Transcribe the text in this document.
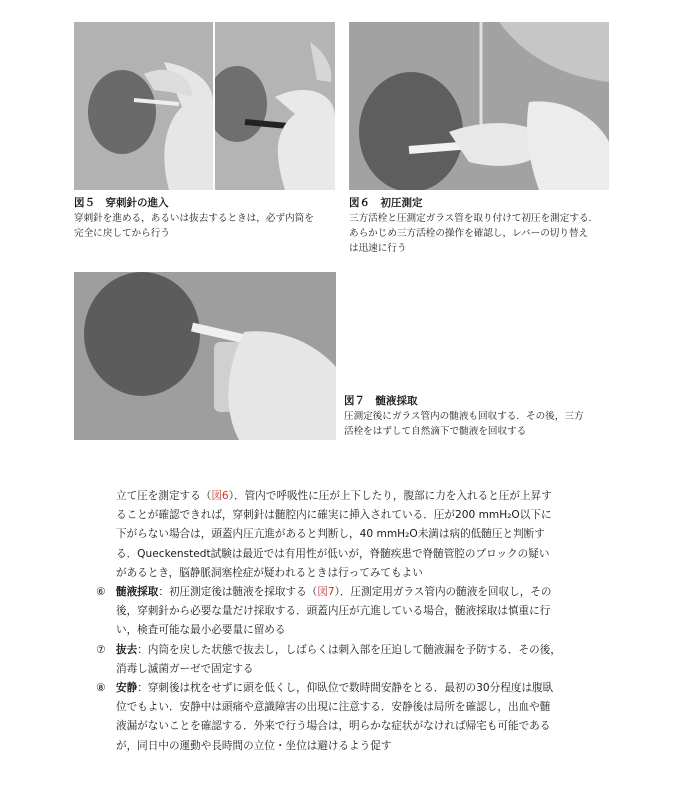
図５　穿刺針の進入
穿刺針を進める，あるいは抜去するときは，必ず内筒を
完全に戻してから行う
図６　初圧測定
三方活栓と圧測定ガラス管を取り付けて初圧を測定する．
あらかじめ三方活栓の操作を確認し，レバーの切り替え
は迅速に行う
図７　髄液採取
圧測定後にガラス管内の髄液も回収する．その後，三方
活栓をはずして自然滴下で髄液を回収する

立て圧を測定する（図6）．管内で呼吸性に圧が上下したり，腹部に力を入れると圧が上昇す

ることが確認できれば，穿刺針は髄腔内に確実に挿入されている．圧が200 mmH₂O以下に

下がらない場合は，頭蓋内圧亢進があると判断し，40 mmH₂O未満は病的低髄圧と判断す

る．Queckenstedt試験は最近では有用性が低いが，脊髄疾患で脊髄管腔のブロックの疑い

があるとき，脳静脈洞塞栓症が疑われるときは行ってみてもよい

⑥ 髄液採取：初圧測定後は髄液を採取する（図7）．圧測定用ガラス管内の髄液を回収し，その

後，穿刺針から必要な量だけ採取する．頭蓋内圧が亢進している場合，髄液採取は慎重に行

い，検査可能な最小必要量に留める

⑦ 抜去：内筒を戻した状態で抜去し，しばらくは刺入部を圧迫して髄液漏を予防する．その後，

消毒し滅菌ガーゼで固定する

⑧ 安静：穿刺後は枕をせずに頭を低くし，仰臥位で数時間安静をとる．最初の30分程度は腹臥

位でもよい．安静中は頭痛や意識障害の出現に注意する．安静後は局所を確認し，出血や髄

液漏がないことを確認する．外来で行う場合は，明らかな症状がなければ帰宅も可能である

が，同日中の運動や長時間の立位・坐位は避けるよう促す
